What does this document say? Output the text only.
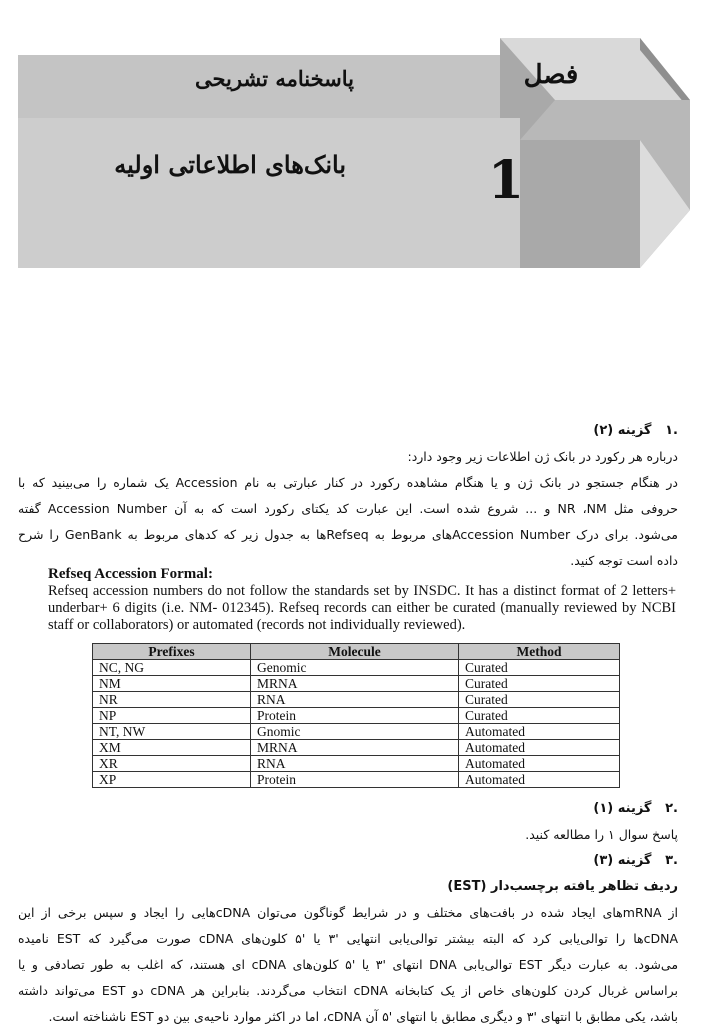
فصل
1
پاسخنامه تشریحی
بانک‌های اطلاعاتی اولیه
.۱ گزینه (۲)
درباره هر رکورد در بانک ژن اطلاعات زیر وجود دارد:
در هنگام جستجو در بانک ژن و یا هنگام مشاهده رکورد در کنار عبارتی به نام Accession یک شماره را می‌بینید که با
حروفی مثل NR ،NM و ... شروع شده است. این عبارت کد یکتای رکورد است که به آن Accession Number گفته
می‌شود. برای درک Accession Numberهای مربوط به Refseqها به جدول زیر که کدهای مربوط به GenBank را شرح
داده است توجه کنید.
Refseq Accession Formal:
Refseq accession numbers do not follow the standards set by INSDC. It has a distinct format of 2 letters+ underbar+ 6 digits (i.e. NM- 012345). Refseq records can either be curated (manually reviewed by NCBI staff or collaborators) or automated (records not individually reviewed).
Prefixes	Molecule	Method
NC, NG	Genomic	Curated
NM	MRNA	Curated
NR	RNA	Curated
NP	Protein	Curated
NT, NW	Gnomic	Automated
XM	MRNA	Automated
XR	RNA	Automated
XP	Protein	Automated
.۲ گزینه (۱)
پاسخ سوال ۱ را مطالعه کنید.
.۳ گزینه (۳)
ردیف تظاهر یافته برچسب‌دار (EST)
از mRNAهای ایجاد شده در بافت‌های مختلف و در شرایط گوناگون می‌توان cDNAهایی را ایجاد و سپس برخی از این
cDNAها را توالی‌یابی کرد که البته بیشتر توالی‌یابی انتهایی '۳ یا '۵ کلون‌های cDNA صورت می‌گیرد که EST نامیده
می‌شود. به عبارت دیگر EST توالی‌یابی DNA انتهای '۳ یا '۵ کلون‌های cDNA ای هستند، که اغلب به طور تصادفی و یا
براساس غربال کردن کلون‌های خاص از یک کتابخانه cDNA انتخاب می‌گردند. بنابراین هر cDNA دو EST می‌تواند داشته
باشد، یکی مطابق با انتهای '۳ و دیگری مطابق با انتهای '۵ آن cDNA، اما در اکثر موارد ناحیه‌ی بین دو EST ناشناخته است.
